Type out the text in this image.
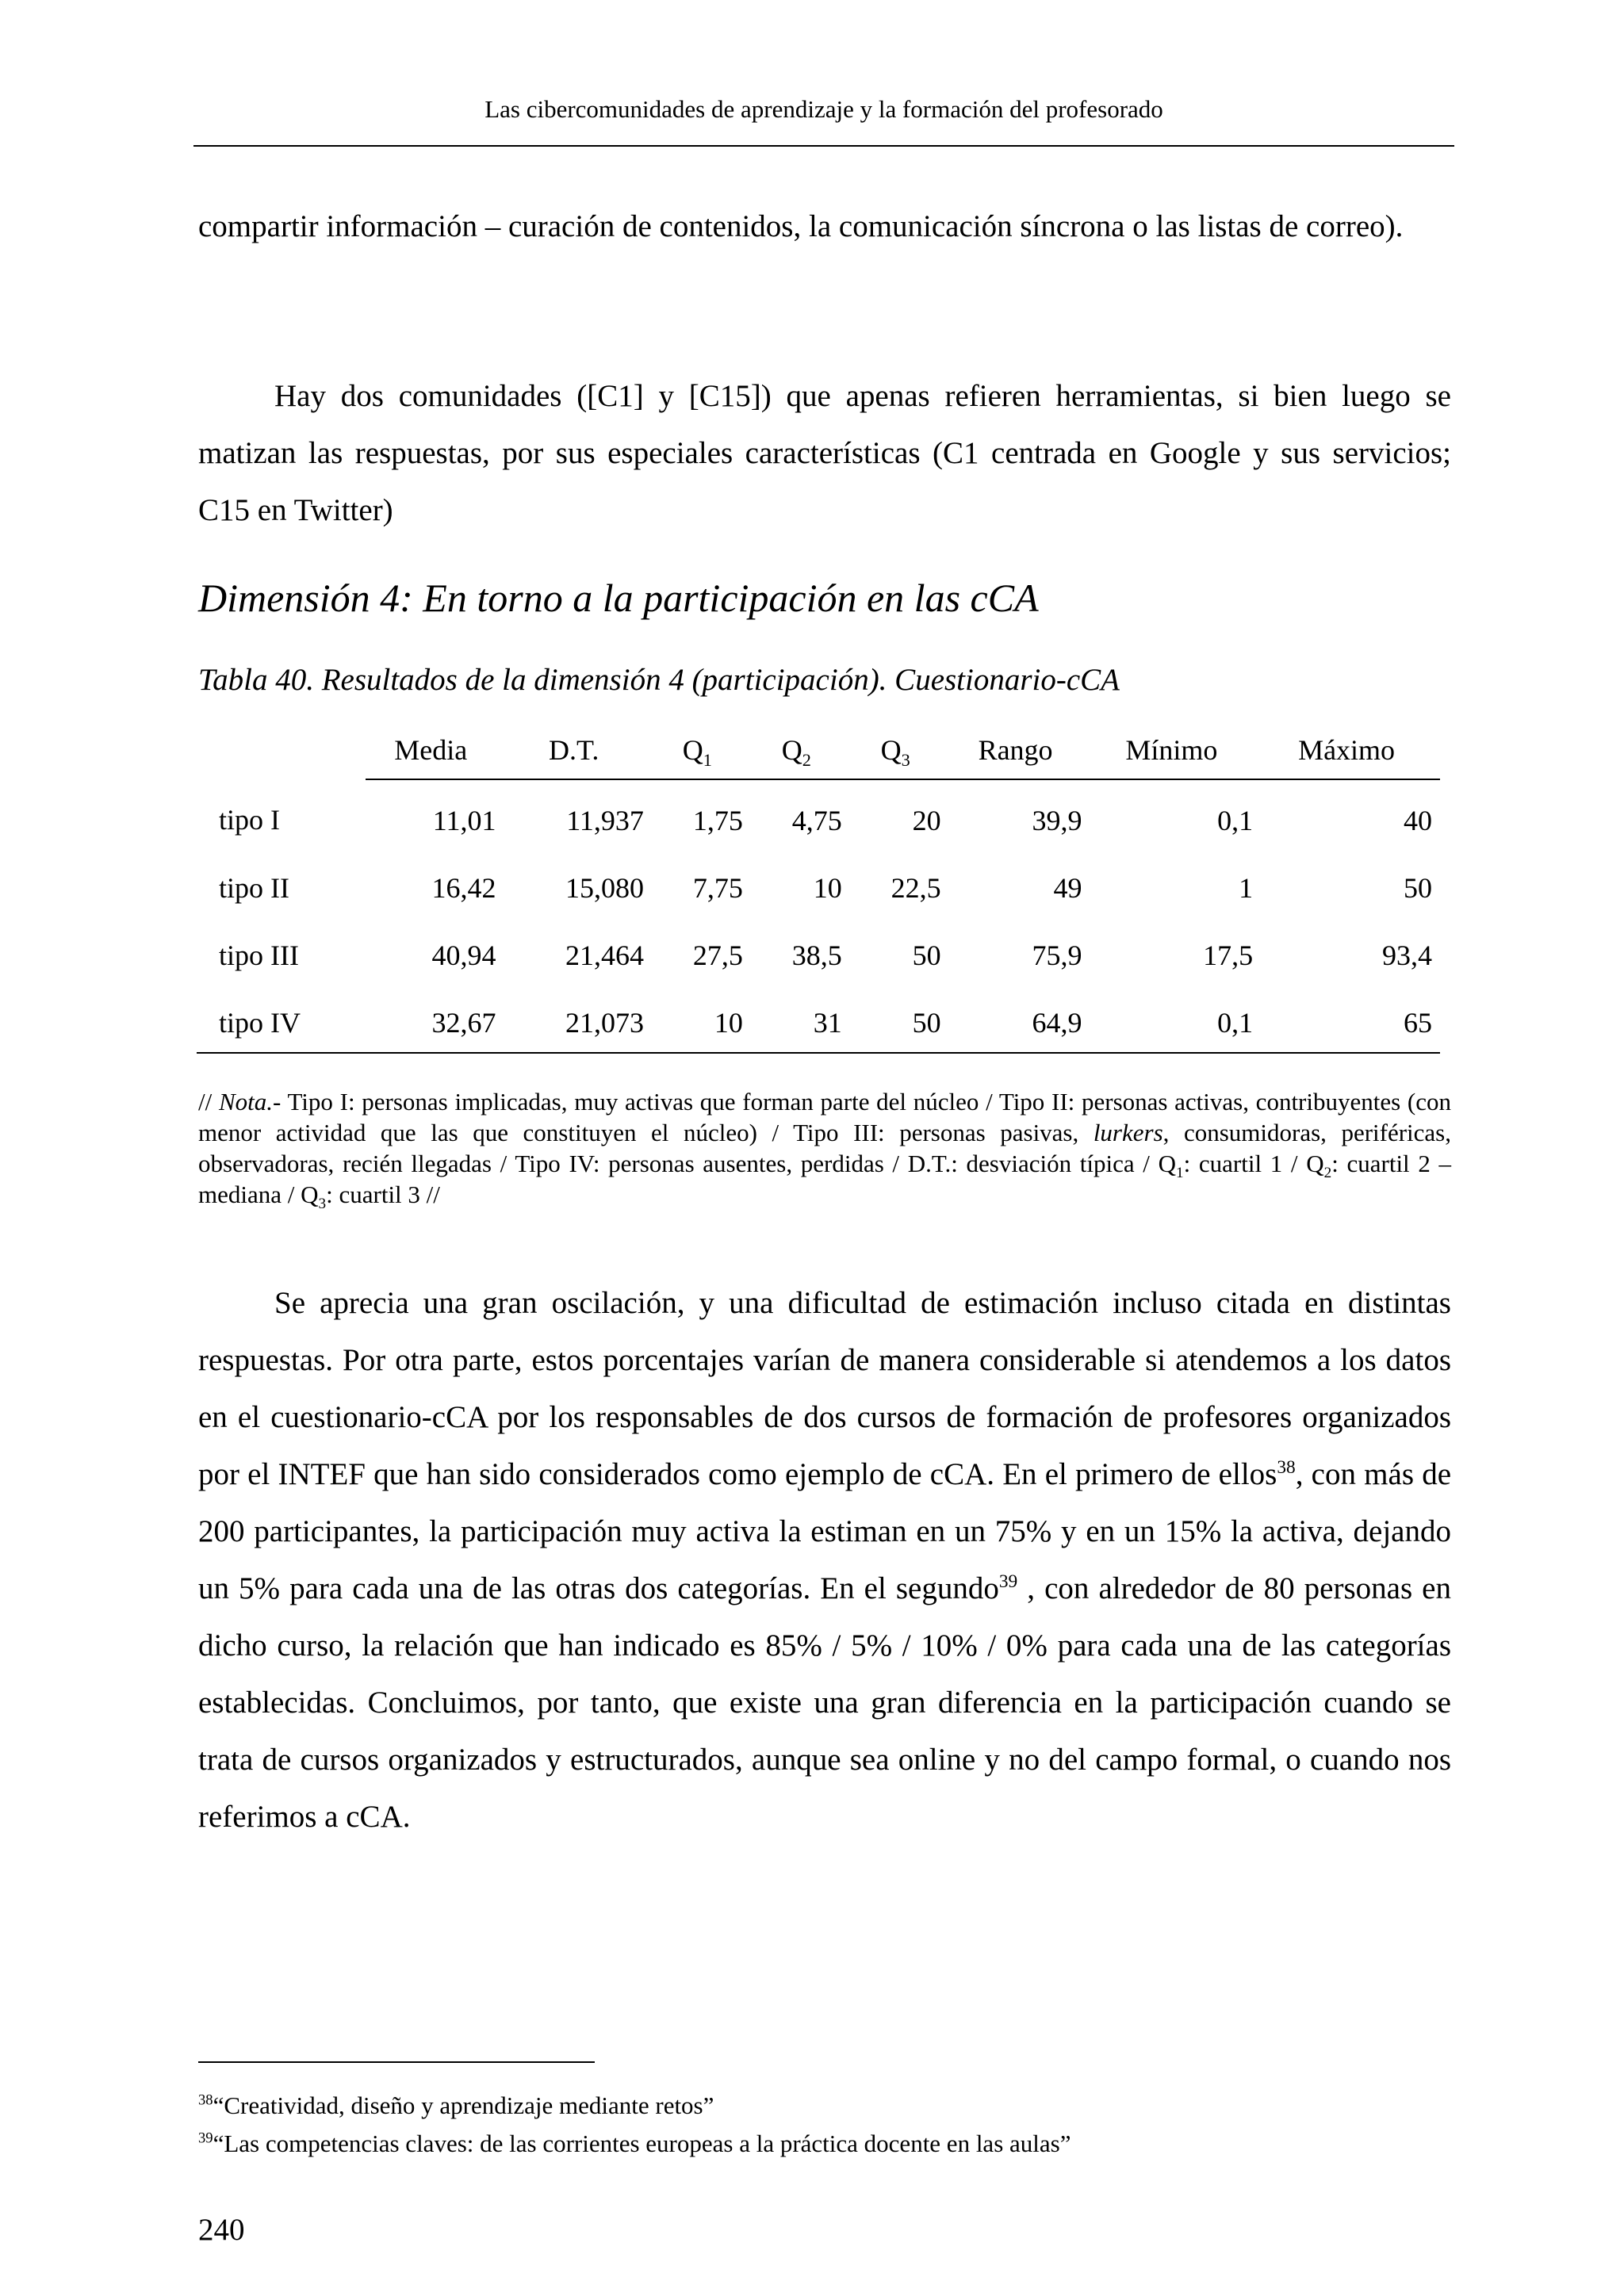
Las cibercomunidades de aprendizaje y la formación del profesorado

compartir información – curación de contenidos, la comunicación síncrona o las listas de correo).

Hay dos comunidades ([C1] y [C15]) que apenas refieren herramientas, si bien luego se matizan las respuestas, por sus especiales características (C1 centrada en Google y sus servicios; C15 en Twitter)

Dimensión 4: En torno a la participación en las cCA

Tabla 40. Resultados de la dimensión 4 (participación). Cuestionario-cCA

	Media	D.T.	$Q_1$	$Q_2$	$Q_3$	Rango	Mínimo	Máximo
tipo I	11,01	11,937	1,75	4,75	20	39,9	0,1	40
tipo II	16,42	15,080	7,75	10	22,5	49	1	50
tipo III	40,94	21,464	27,5	38,5	50	75,9	17,5	93,4
tipo IV	32,67	21,073	10	31	50	64,9	0,1	65

// Nota.- Tipo I: personas implicadas, muy activas que forman parte del núcleo / Tipo II: personas activas, contribuyentes (con menor actividad que las que constituyen el núcleo) / Tipo III: personas pasivas, lurkers, consumidoras, periféricas, observadoras, recién llegadas / Tipo IV: personas ausentes, perdidas / D.T.: desviación típica / $Q_1$: cuartil $1 / Q_2$: cuartil 2 – mediana / $Q_3$: cuartil 3 //

Se aprecia una gran oscilación, y una dificultad de estimación incluso citada en distintas respuestas. Por otra parte, estos porcentajes varían de manera considerable si atendemos a los datos en el cuestionario-cCA por los responsables de dos cursos de formación de profesores organizados por el INTEF que han sido considerados como ejemplo de cCA. En el primero de ellos$^{38}$, con más de 200 participantes, la participación muy activa la estiman en un 75% y en un 15% la activa, dejando un 5% para cada una de las otras dos categorías. En el segundo$^{39}$ , con alrededor de 80 personas en dicho curso, la relación que han indicado es 85% / 5% / 10% / 0% para cada una de las categorías establecidas. Concluimos, por tanto, que existe una gran diferencia en la participación cuando se trata de cursos organizados y estructurados, aunque sea online y no del campo formal, o cuando nos referimos a cCA.

$^{38}$“Creatividad, diseño y aprendizaje mediante retos”

$^{39}$“Las competencias claves: de las corrientes europeas a la práctica docente en las aulas”

240
